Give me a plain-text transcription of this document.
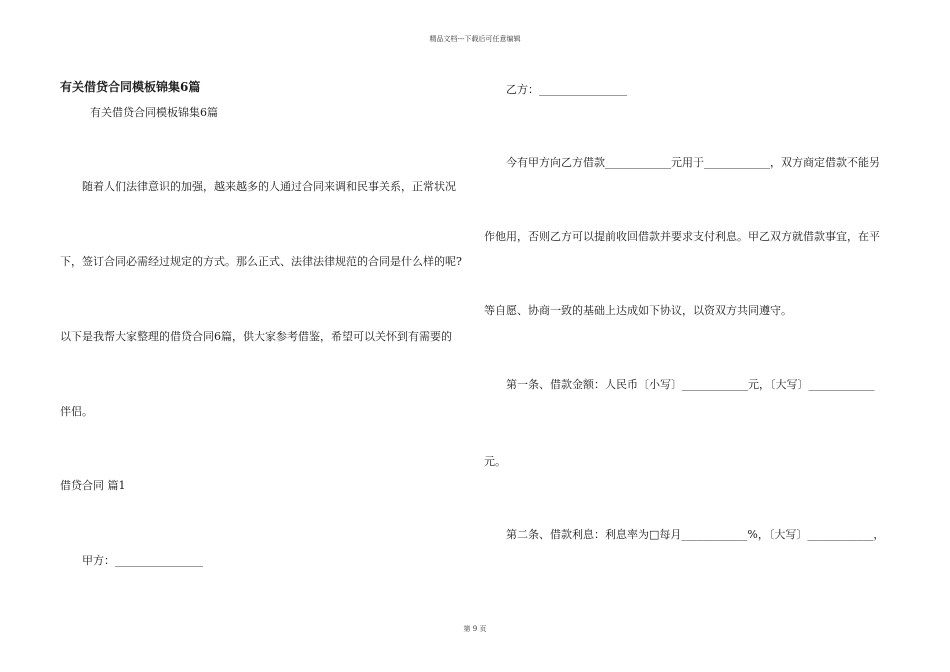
精品文档---下载后可任意编辑
有关借贷合同模板锦集6篇
有关借贷合同模板锦集6篇
随着人们法律意识的加强，越来越多的人通过合同来调和民事关系，正常状况
下，签订合同必需经过规定的方式。那么正式、法律法律规范的合同是什么样的呢?
以下是我帮大家整理的借贷合同6篇，供大家参考借鉴，希望可以关怀到有需要的
伴侣。
借贷合同 篇1
甲方：________________
乙方：________________
今有甲方向乙方借款____________元用于____________，双方商定借款不能另
作他用，否则乙方可以提前收回借款并要求支付利息。甲乙双方就借款事宜，在平
等自愿、协商一致的基础上达成如下协议，以资双方共同遵守。
第一条、借款金额：人民币〔小写〕____________元，〔大写〕____________
元。
第二条、借款利息：利息率为□每月____________%，〔大写〕____________，
第 9 页
